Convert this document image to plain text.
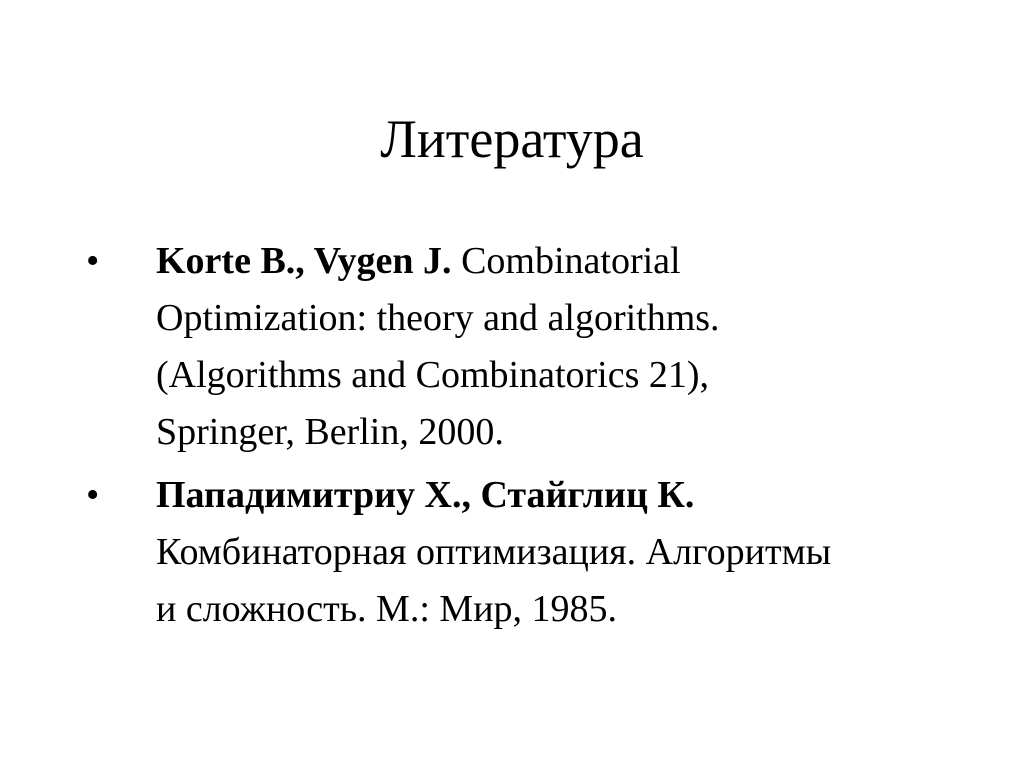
Литература
• Korte B., Vygen J. Combinatorial Optimization: theory and algorithms. (Algorithms and Combinatorics 21), Springer, Berlin, 2000.
• Пападимитриу Х., Стайглиц К. Комбинаторная оптимизация. Алгоритмы и сложность. М.: Мир, 1985.
